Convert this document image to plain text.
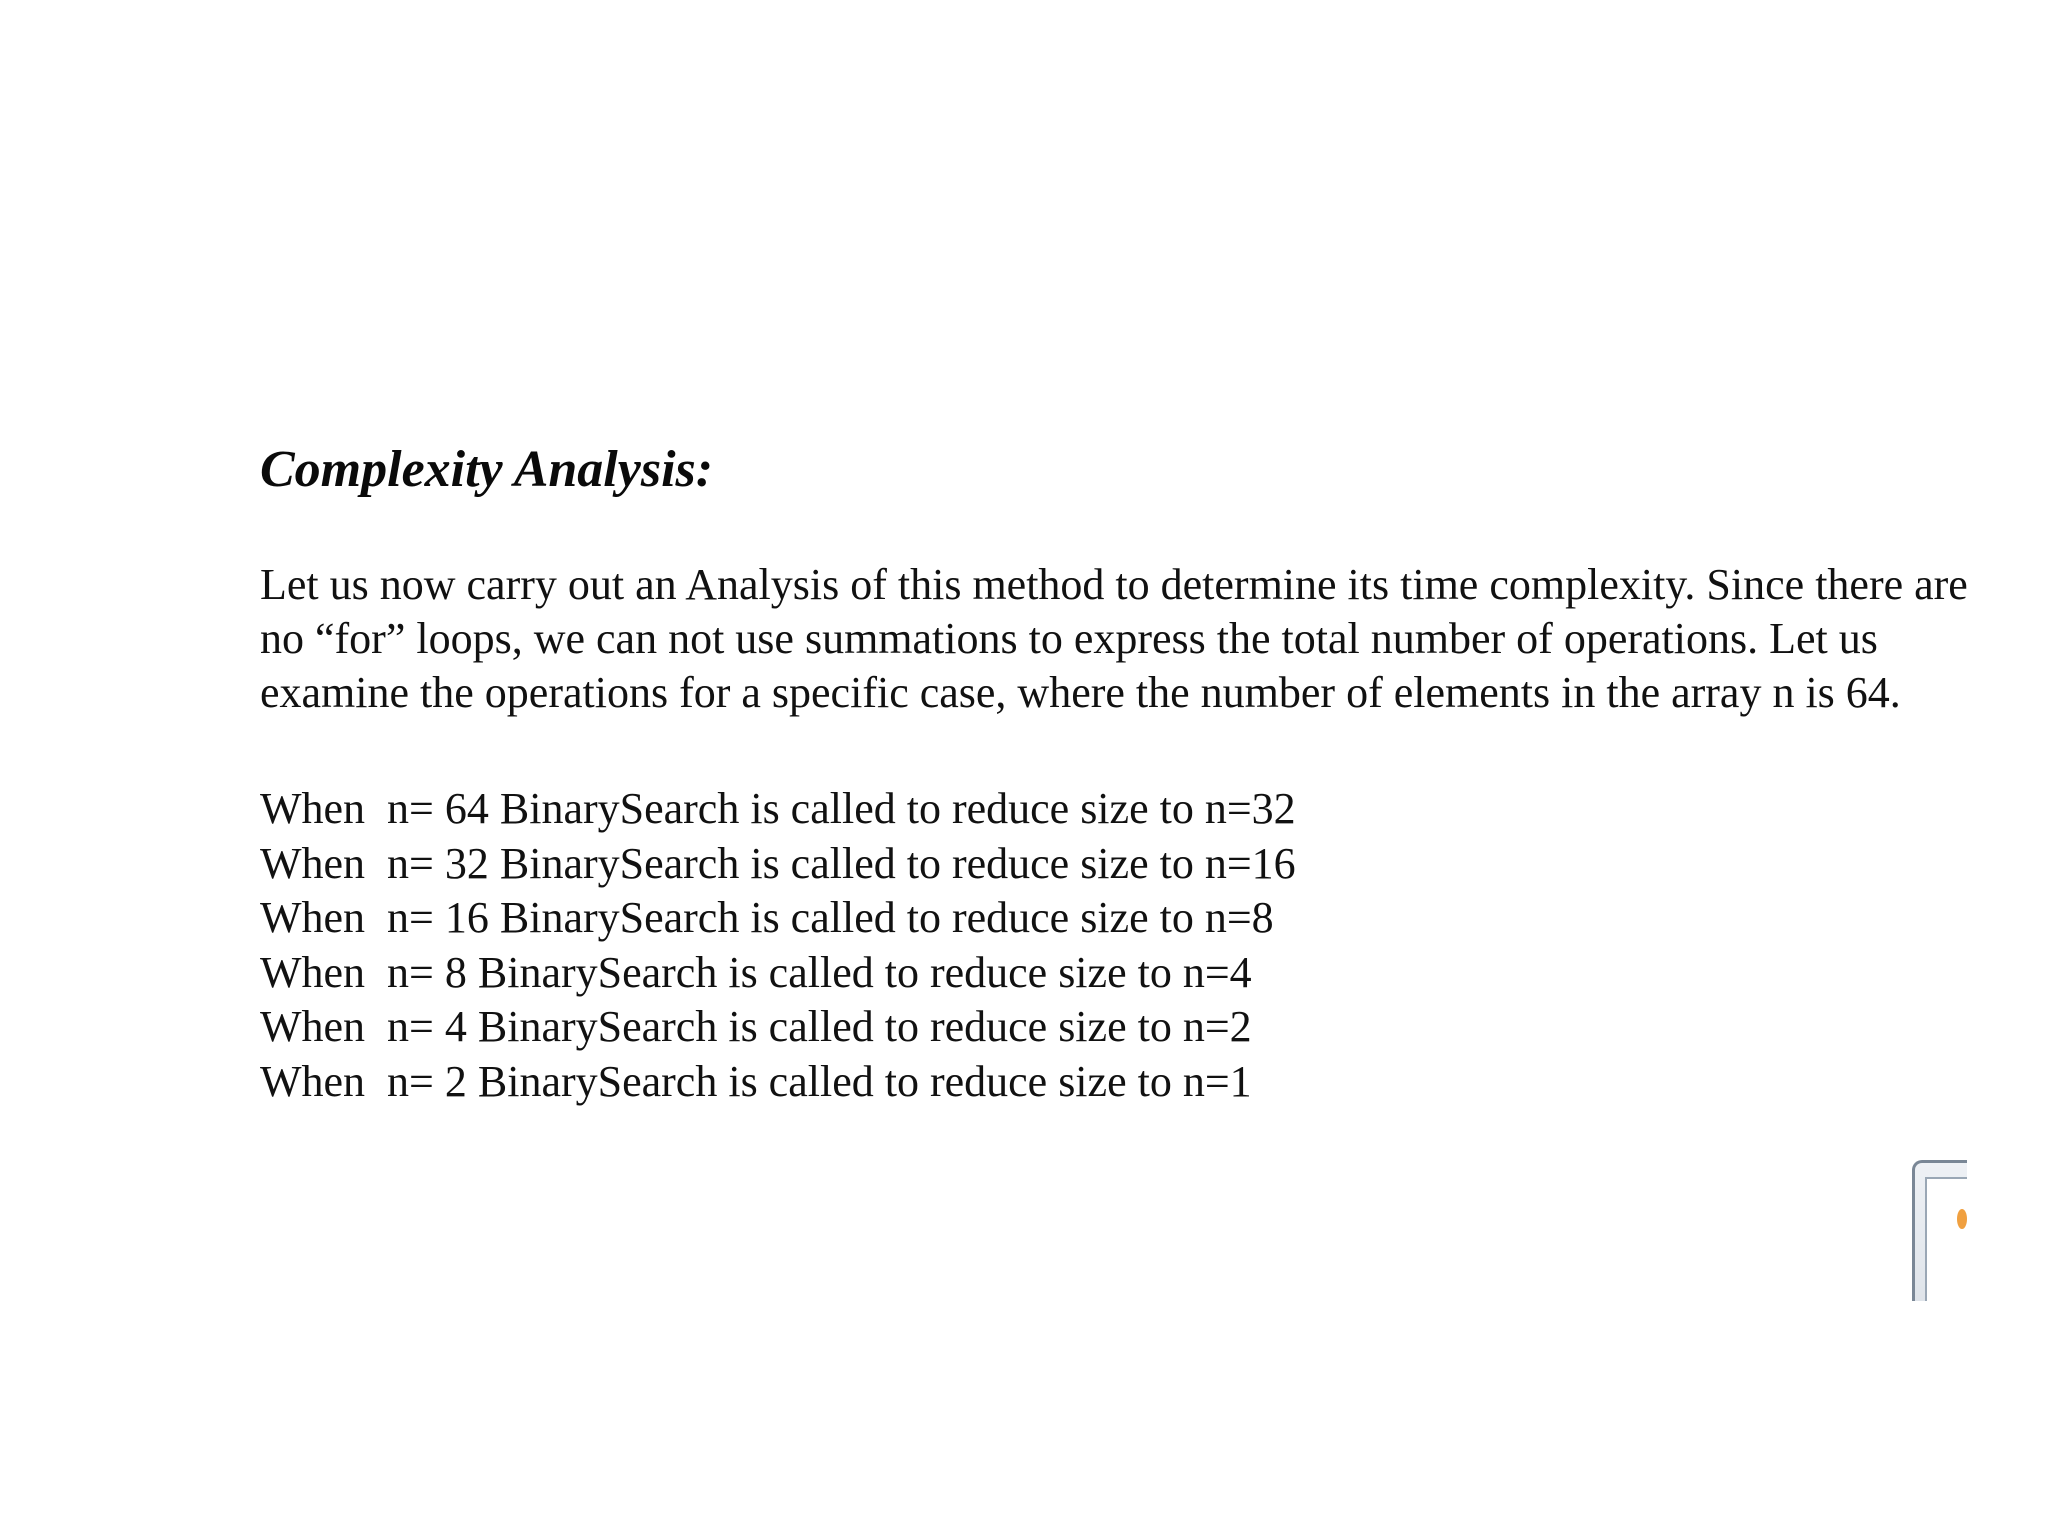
Complexity Analysis:

Let us now carry out an Analysis of this method to determine its time complexity. Since there are no “for” loops, we can not use summations to express the total number of operations. Let us examine the operations for a specific case, where the number of elements in the array n is 64.

When  n= 64 BinarySearch is called to reduce size to n=32
When  n= 32 BinarySearch is called to reduce size to n=16
When  n= 16 BinarySearch is called to reduce size to n=8
When  n= 8 BinarySearch is called to reduce size to n=4
When  n= 4 BinarySearch is called to reduce size to n=2
When  n= 2 BinarySearch is called to reduce size to n=1
